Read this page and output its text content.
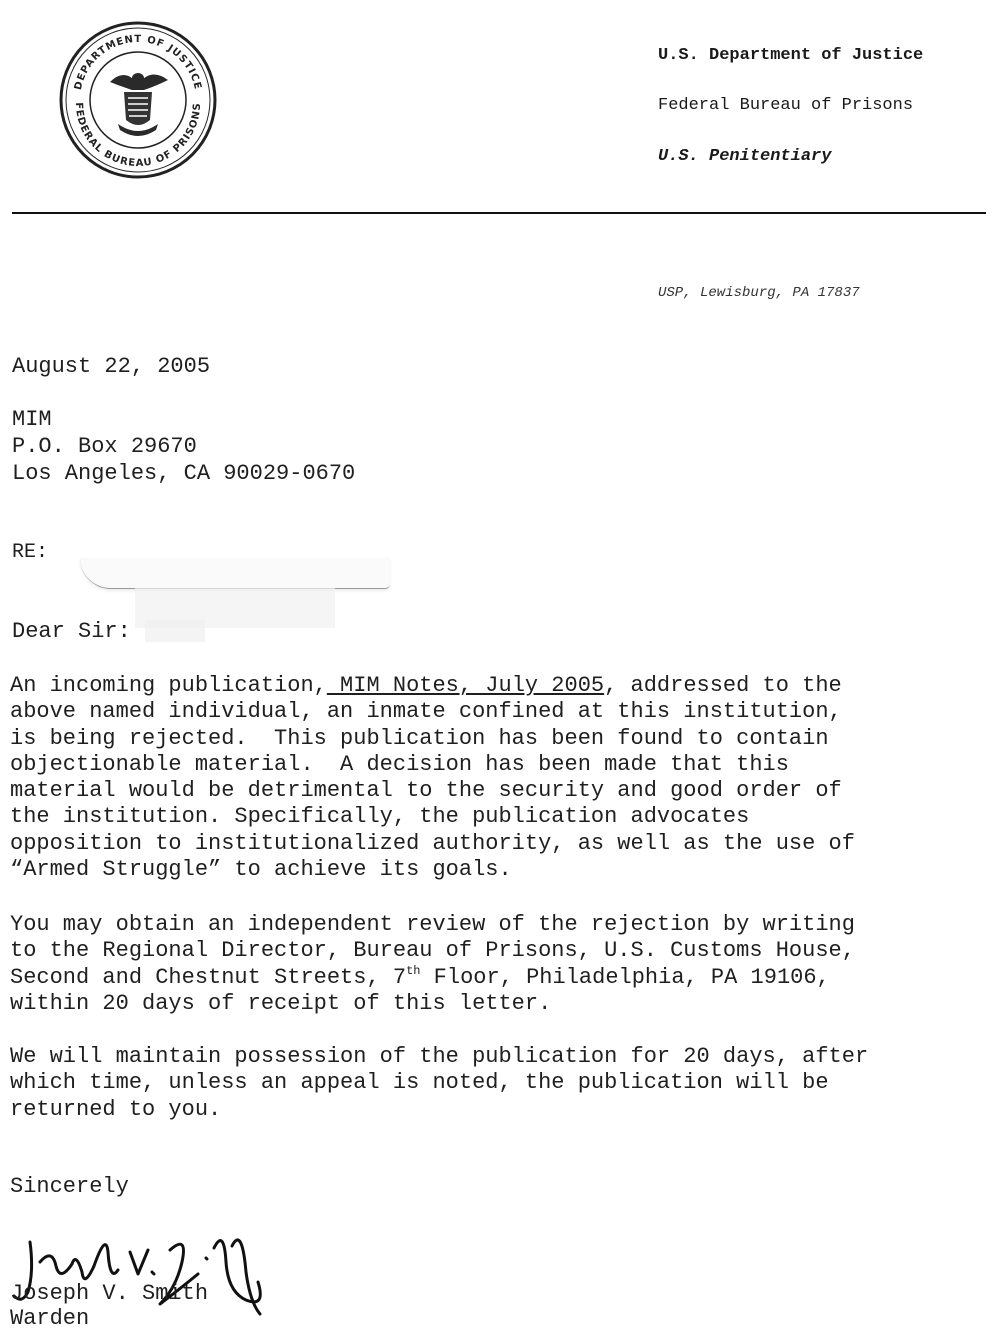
DEPARTMENT OF JUSTICE
FEDERAL BUREAU OF PRISONS
U.S. Department of Justice
Federal Bureau of Prisons
U.S. Penitentiary
USP, Lewisburg, PA 17837
August 22, 2005
MIM
P.O. Box 29670
Los Angeles, CA 90029-0670
RE:
Dear Sir:
An incoming publication, MIM Notes, July 2005, addressed to the
above named individual, an inmate confined at this institution,
is being rejected.  This publication has been found to contain
objectionable material.  A decision has been made that this
material would be detrimental to the security and good order of
the institution. Specifically, the publication advocates
opposition to institutionalized authority, as well as the use of
“Armed Struggle” to achieve its goals.
You may obtain an independent review of the rejection by writing
to the Regional Director, Bureau of Prisons, U.S. Customs House,
Second and Chestnut Streets, 7th Floor, Philadelphia, PA 19106,
within 20 days of receipt of this letter.
We will maintain possession of the publication for 20 days, after
which time, unless an appeal is noted, the publication will be
returned to you.
Sincerely
Joseph V. Smith
Warden
